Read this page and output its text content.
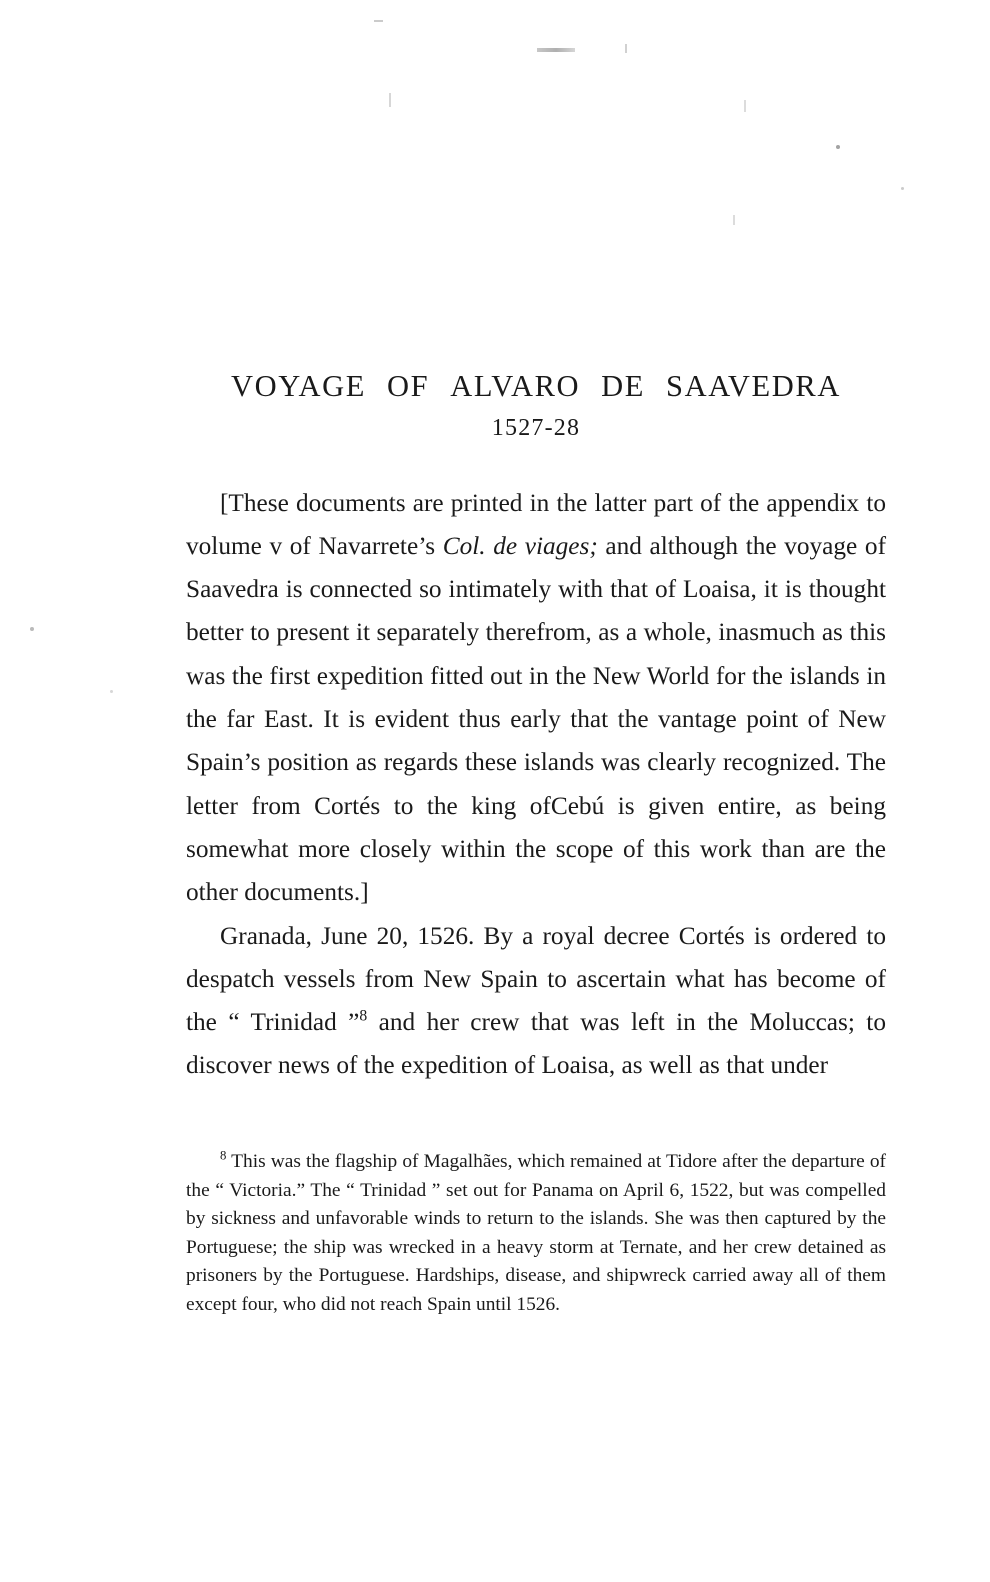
VOYAGE OF ALVARO DE SAAVEDRA
1527-28

[These documents are printed in the latter part of the appendix to volume v of Navarrete’s Col. de viages; and although the voyage of Saavedra is connected so intimately with that of Loaisa, it is thought better to present it separately therefrom, as a whole, inasmuch as this was the first expedition fitted out in the New World for the islands in the far East. It is evident thus early that the vantage point of New Spain’s position as regards these islands was clearly recognized. The letter from Cortés to the king ofCebú is given entire, as being somewhat more closely within the scope of this work than are the other documents.]

Granada, June 20, 1526. By a royal decree Cortés is ordered to despatch vessels from New Spain to ascertain what has become of the “ Trinidad ”$^8$ and her crew that was left in the Moluccas; to discover news of the expedition of Loaisa, as well as that under

$^8$ This was the flagship of Magalhães, which remained at Tidore after the departure of the “ Victoria.” The “ Trinidad ” set out for Panama on April 6, 1522, but was compelled by sickness and unfavorable winds to return to the islands. She was then captured by the Portuguese; the ship was wrecked in a heavy storm at Ternate, and her crew detained as prisoners by the Portuguese. Hardships, disease, and shipwreck carried away all of them except four, who did not reach Spain until 1526.
